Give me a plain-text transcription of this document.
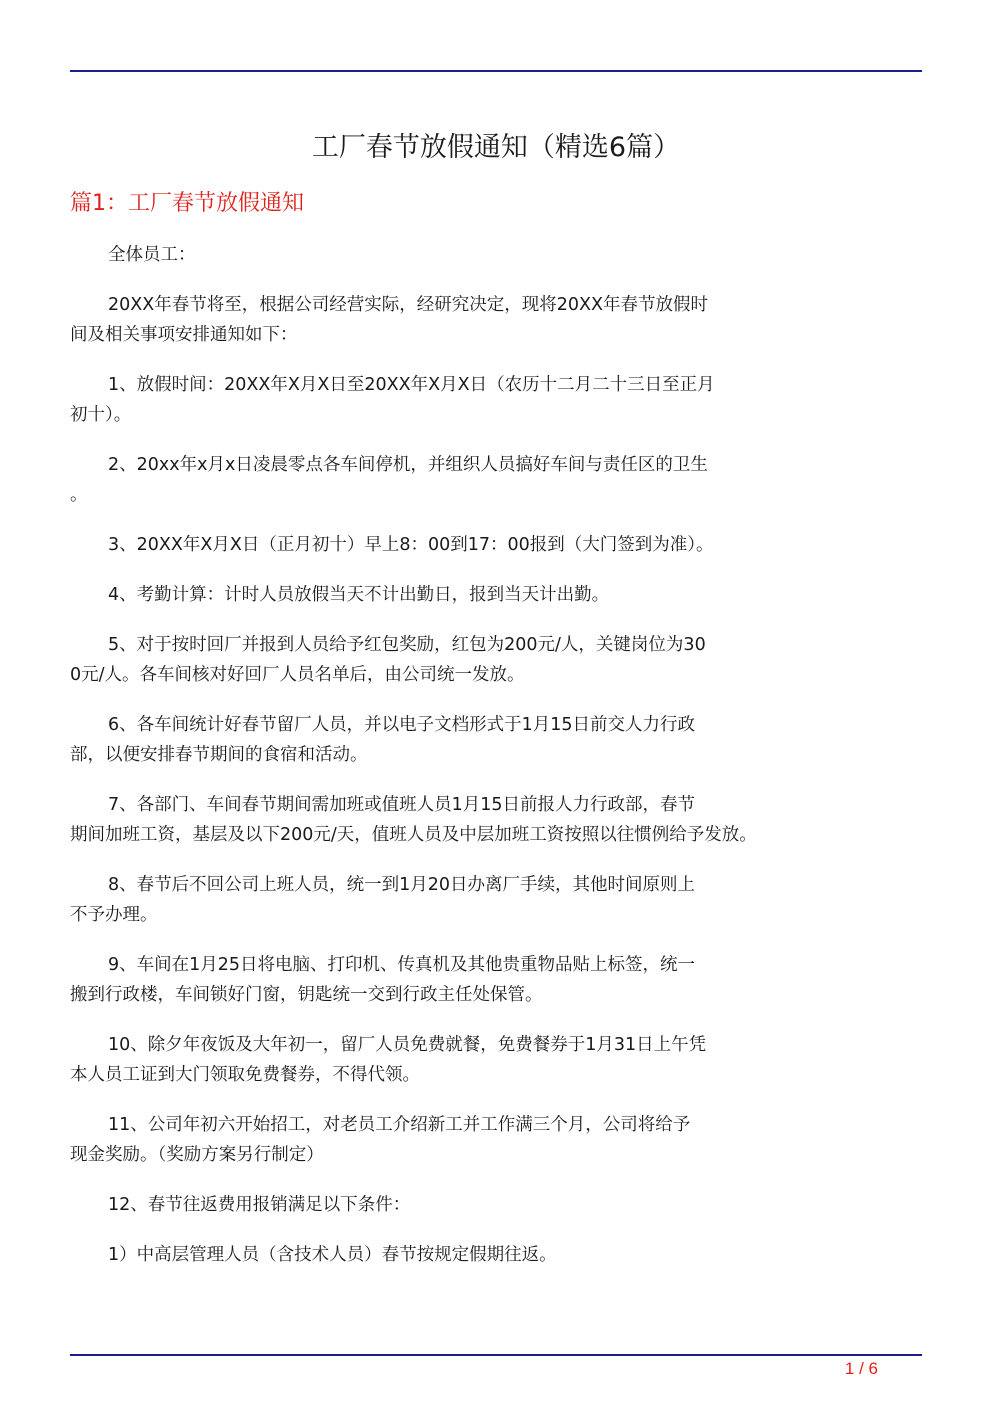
工厂春节放假通知（精选6篇）
篇1：工厂春节放假通知

全体员工：

20XX年春节将至，根据公司经营实际，经研究决定，现将20XX年春节放假时
间及相关事项安排通知如下：

1、放假时间：20XX年X月X日至20XX年X月X日（农历十二月二十三日至正月
初十）。

2、20xx年x月x日凌晨零点各车间停机，并组织人员搞好车间与责任区的卫生
。

3、20XX年X月X日（正月初十）早上8：00到17：00报到（大门签到为准）。

4、考勤计算：计时人员放假当天不计出勤日，报到当天计出勤。

5、对于按时回厂并报到人员给予红包奖励，红包为200元/人，关键岗位为30
0元/人。各车间核对好回厂人员名单后，由公司统一发放。

6、各车间统计好春节留厂人员，并以电子文档形式于1月15日前交人力行政
部，以便安排春节期间的食宿和活动。

7、各部门、车间春节期间需加班或值班人员1月15日前报人力行政部，春节
期间加班工资，基层及以下200元/天，值班人员及中层加班工资按照以往惯例给予发放。

8、春节后不回公司上班人员，统一到1月20日办离厂手续，其他时间原则上
不予办理。

9、车间在1月25日将电脑、打印机、传真机及其他贵重物品贴上标签，统一
搬到行政楼，车间锁好门窗，钥匙统一交到行政主任处保管。

10、除夕年夜饭及大年初一，留厂人员免费就餐，免费餐券于1月31日上午凭
本人员工证到大门领取免费餐券，不得代领。

11、公司年初六开始招工，对老员工介绍新工并工作满三个月，公司将给予
现金奖励。（奖励方案另行制定）

12、春节往返费用报销满足以下条件：

1）中高层管理人员（含技术人员）春节按规定假期往返。

1 / 6
